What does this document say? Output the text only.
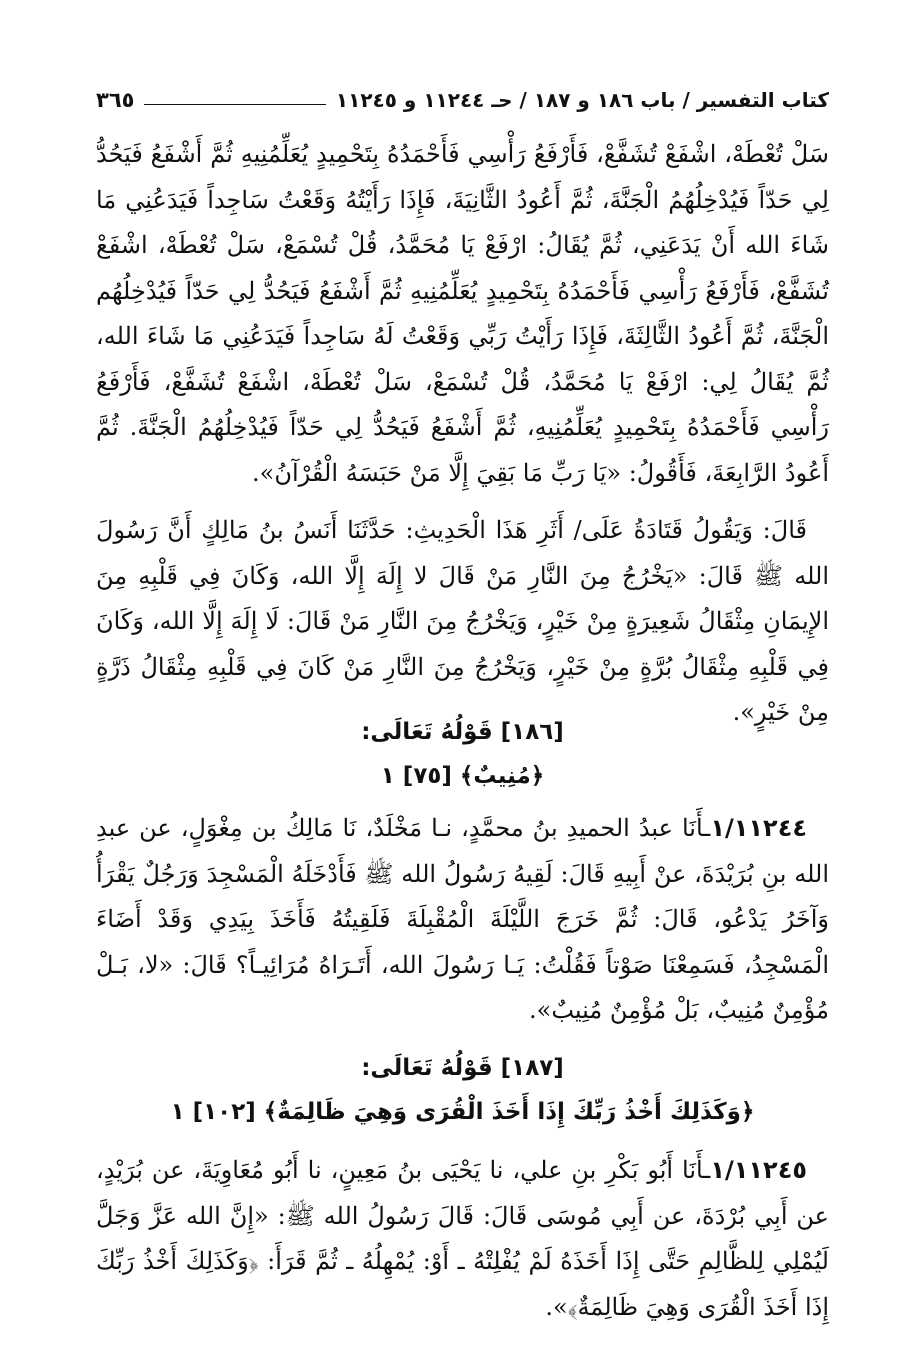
كتاب التفسير / باب ١٨٦ و ١٨٧ / حـ ١١٢٤٤ و ١١٢٤٥
٣٦٥

سَلْ تُعْطَهْ، اشْفَعْ تُشَفَّعْ، فَأَرْفَعُ رَأْسِي فَأَحْمَدُهُ بِتَحْمِيدٍ يُعَلِّمُنِيهِ ثُمَّ أَشْفَعُ فَيَحُدُّ لِي حَدّاً فَيُدْخِلُهُمُ الْجَنَّةَ، ثُمَّ أَعُودُ الثَّانِيَةَ، فَإِذَا رَأَيْتُهُ وَقَعْتُ سَاجِداً فَيَدَعُنِي مَا شَاءَ الله أَنْ يَدَعَنِي، ثُمَّ يُقَالُ: ارْفَعْ يَا مُحَمَّدُ، قُلْ تُسْمَعْ، سَلْ تُعْطَهْ، اشْفَعْ تُشَفَّعْ، فَأَرْفَعُ رَأْسِي فَأَحْمَدُهُ بِتَحْمِيدٍ يُعَلِّمُنِيهِ ثُمَّ أَشْفَعُ فَيَحُدُّ لِي حَدّاً فَيُدْخِلُهُم الْجَنَّةَ، ثُمَّ أَعُودُ الثَّالِثَةَ، فَإِذَا رَأَيْتُ رَبِّي وَقَعْتُ لَهُ سَاجِداً فَيَدَعُنِي مَا شَاءَ الله، ثُمَّ يُقَالُ لِي: ارْفَعْ يَا مُحَمَّدُ، قُلْ تُسْمَعْ، سَلْ تُعْطَهْ، اشْفَعْ تُشَفَّعْ، فَأَرْفَعُ رَأْسِي فَأَحْمَدُهُ بِتَحْمِيدٍ يُعَلِّمُنِيهِ، ثُمَّ أَشْفَعُ فَيَحُدُّ لِي حَدّاً فَيُدْخِلُهُمُ الْجَنَّةَ. ثُمَّ أَعُودُ الرَّابِعَةَ، فَأَقُولُ: «يَا رَبِّ مَا بَقِيَ إِلَّا مَنْ حَبَسَهُ الْقُرْآنُ».

قَالَ: وَيَقُولُ قَتَادَةُ عَلَى/ أَثَرِ هَذَا الْحَدِيثِ: حَدَّثَنَا أَنَسُ بنُ مَالِكٍ أَنَّ رَسُولَ الله ﷺ قَالَ: «يَخْرُجُ مِنَ النَّارِ مَنْ قَالَ لا إِلَهَ إِلَّا الله، وَكَانَ فِي قَلْبِهِ مِنَ الإِيمَانِ مِثْقَالُ شَعِيرَةٍ مِنْ خَيْرٍ، وَيَخْرُجُ مِنَ النَّارِ مَنْ قَالَ: لَا إِلَهَ إِلَّا الله، وَكَانَ فِي قَلْبِهِ مِثْقَالُ بُرَّةٍ مِنْ خَيْرٍ، وَيَخْرُجُ مِنَ النَّارِ مَنْ كَانَ فِي قَلْبِهِ مِثْقَالُ ذَرَّةٍ مِنْ خَيْرٍ».

[١٨٦] قَوْلُهُ تَعَالَى:
﴿مُنِيبٌ﴾ [٧٥] ١

١/١١٢٤٤ـأَنَا عبدُ الحميدِ بنُ محمَّدٍ، نـا مَخْلَدٌ، نَا مَالِكُ بن مِغْوَلٍ، عن عبدِ الله بنِ بُرَيْدَةَ، عنْ أَبِيهِ قَالَ: لَقِيهُ رَسُولُ الله ﷺ فَأَدْخَلَهُ الْمَسْجِدَ وَرَجُلٌ يَقْرَأُ وَآخَرُ يَدْعُو، قَالَ: ثُمَّ خَرَجَ اللَّيْلَةَ الْمُقْبِلَةَ فَلَقِيتُهُ فَأَخَذَ بِيَدِي وَقَدْ أَضَاءَ الْمَسْجِدُ، فَسَمِعْنَا صَوْتاً فَقُلْتُ: يَـا رَسُولَ الله، أَتَـرَاهُ مُرَائِيـاً؟ قَالَ: «لا، بَـلْ مُؤْمِنٌ مُنِيبٌ، بَلْ مُؤْمِنٌ مُنِيبٌ».

[١٨٧] قَوْلُهُ تَعَالَى:
﴿وَكَذَلِكَ أَخْذُ رَبِّكَ إِذَا أَخَذَ الْقُرَى وَهِيَ ظَالِمَةٌ﴾ [١٠٢] ١

١/١١٢٤٥ـأَنَا أَبُو بَكْرِ بنِ علي، نا يَحْيَى بنُ مَعِينٍ، نا أَبُو مُعَاوِيَةَ، عن بُرَيْدٍ، عن أَبِي بُرْدَةَ، عن أَبِي مُوسَى قَالَ: قَالَ رَسُولُ الله ﷺ: «إِنَّ الله عَزَّ وَجَلَّ لَيُمْلِي لِلظَّالِمِ حَتَّى إِذَا أَخَذَهُ لَمْ يُفْلِتْهُ ـ أَوْ: يُمْهِلُهُ ـ ثُمَّ قَرَأَ: ﴿وَكَذَلِكَ أَخْذُ رَبِّكَ إِذَا أَخَذَ الْقُرَى وَهِيَ ظَالِمَةٌ﴾».
